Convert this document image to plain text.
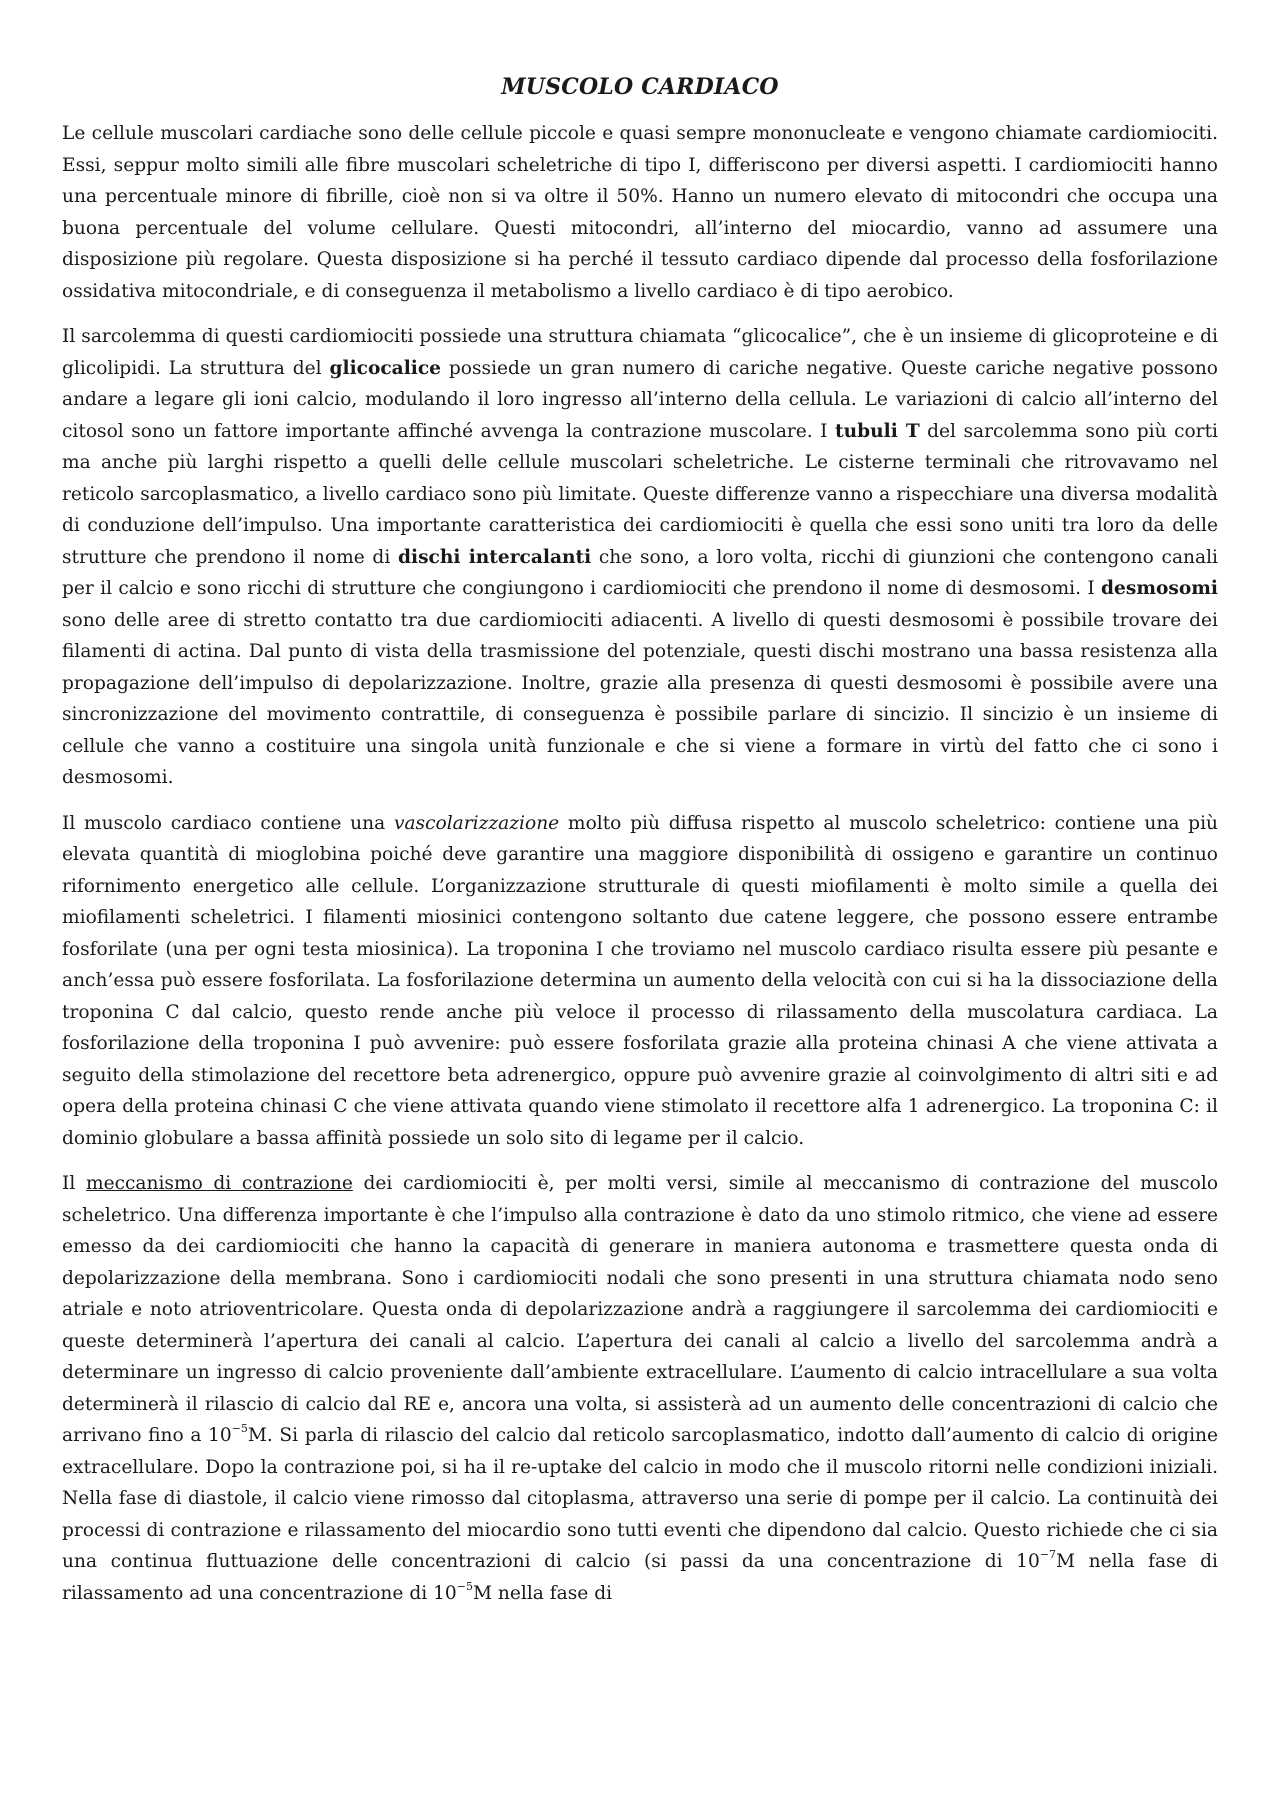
MUSCOLO CARDIACO

Le cellule muscolari cardiache sono delle cellule piccole e quasi sempre mononucleate e vengono chiamate cardiomiociti. Essi, seppur molto simili alle fibre muscolari scheletriche di tipo I, differiscono per diversi aspetti. I cardiomiociti hanno una percentuale minore di fibrille, cioè non si va oltre il 50%. Hanno un numero elevato di mitocondri che occupa una buona percentuale del volume cellulare. Questi mitocondri, all’interno del miocardio, vanno ad assumere una disposizione più regolare. Questa disposizione si ha perché il tessuto cardiaco dipende dal processo della fosforilazione ossidativa mitocondriale, e di conseguenza il metabolismo a livello cardiaco è di tipo aerobico.

Il sarcolemma di questi cardiomiociti possiede una struttura chiamata “glicocalice”, che è un insieme di glicoproteine e di glicolipidi. La struttura del glicocalice possiede un gran numero di cariche negative. Queste cariche negative possono andare a legare gli ioni calcio, modulando il loro ingresso all’interno della cellula. Le variazioni di calcio all’interno del citosol sono un fattore importante affinché avvenga la contrazione muscolare. I tubuli T del sarcolemma sono più corti ma anche più larghi rispetto a quelli delle cellule muscolari scheletriche. Le cisterne terminali che ritrovavamo nel reticolo sarcoplasmatico, a livello cardiaco sono più limitate. Queste differenze vanno a rispecchiare una diversa modalità di conduzione dell’impulso. Una importante caratteristica dei cardiomiociti è quella che essi sono uniti tra loro da delle strutture che prendono il nome di dischi intercalanti che sono, a loro volta, ricchi di giunzioni che contengono canali per il calcio e sono ricchi di strutture che congiungono i cardiomiociti che prendono il nome di desmosomi. I desmosomi sono delle aree di stretto contatto tra due cardiomiociti adiacenti. A livello di questi desmosomi è possibile trovare dei filamenti di actina. Dal punto di vista della trasmissione del potenziale, questi dischi mostrano una bassa resistenza alla propagazione dell’impulso di depolarizzazione. Inoltre, grazie alla presenza di questi desmosomi è possibile avere una sincronizzazione del movimento contrattile, di conseguenza è possibile parlare di sincizio. Il sincizio è un insieme di cellule che vanno a costituire una singola unità funzionale e che si viene a formare in virtù del fatto che ci sono i desmosomi.

Il muscolo cardiaco contiene una vascolarizzazione molto più diffusa rispetto al muscolo scheletrico: contiene una più elevata quantità di mioglobina poiché deve garantire una maggiore disponibilità di ossigeno e garantire un continuo rifornimento energetico alle cellule. L’organizzazione strutturale di questi miofilamenti è molto simile a quella dei miofilamenti scheletrici. I filamenti miosinici contengono soltanto due catene leggere, che possono essere entrambe fosforilate (una per ogni testa miosinica). La troponina I che troviamo nel muscolo cardiaco risulta essere più pesante e anch’essa può essere fosforilata. La fosforilazione determina un aumento della velocità con cui si ha la dissociazione della troponina C dal calcio, questo rende anche più veloce il processo di rilassamento della muscolatura cardiaca. La fosforilazione della troponina I può avvenire: può essere fosforilata grazie alla proteina chinasi A che viene attivata a seguito della stimolazione del recettore beta adrenergico, oppure può avvenire grazie al coinvolgimento di altri siti e ad opera della proteina chinasi C che viene attivata quando viene stimolato il recettore alfa 1 adrenergico. La troponina C: il dominio globulare a bassa affinità possiede un solo sito di legame per il calcio.

Il meccanismo di contrazione dei cardiomiociti è, per molti versi, simile al meccanismo di contrazione del muscolo scheletrico. Una differenza importante è che l’impulso alla contrazione è dato da uno stimolo ritmico, che viene ad essere emesso da dei cardiomiociti che hanno la capacità di generare in maniera autonoma e trasmettere questa onda di depolarizzazione della membrana. Sono i cardiomiociti nodali che sono presenti in una struttura chiamata nodo seno atriale e noto atrioventricolare. Questa onda di depolarizzazione andrà a raggiungere il sarcolemma dei cardiomiociti e queste determinerà l’apertura dei canali al calcio. L’apertura dei canali al calcio a livello del sarcolemma andrà a determinare un ingresso di calcio proveniente dall’ambiente extracellulare. L’aumento di calcio intracellulare a sua volta determinerà il rilascio di calcio dal RE e, ancora una volta, si assisterà ad un aumento delle concentrazioni di calcio che arrivano fino a $10^{-5}M$. Si parla di rilascio del calcio dal reticolo sarcoplasmatico, indotto dall’aumento di calcio di origine extracellulare. Dopo la contrazione poi, si ha il re-uptake del calcio in modo che il muscolo ritorni nelle condizioni iniziali. Nella fase di diastole, il calcio viene rimosso dal citoplasma, attraverso una serie di pompe per il calcio. La continuità dei processi di contrazione e rilassamento del miocardio sono tutti eventi che dipendono dal calcio. Questo richiede che ci sia una continua fluttuazione delle concentrazioni di calcio (si passi da una concentrazione di $10^{-7}M$ nella fase di rilassamento ad una concentrazione di $10^{-5}M$ nella fase di
